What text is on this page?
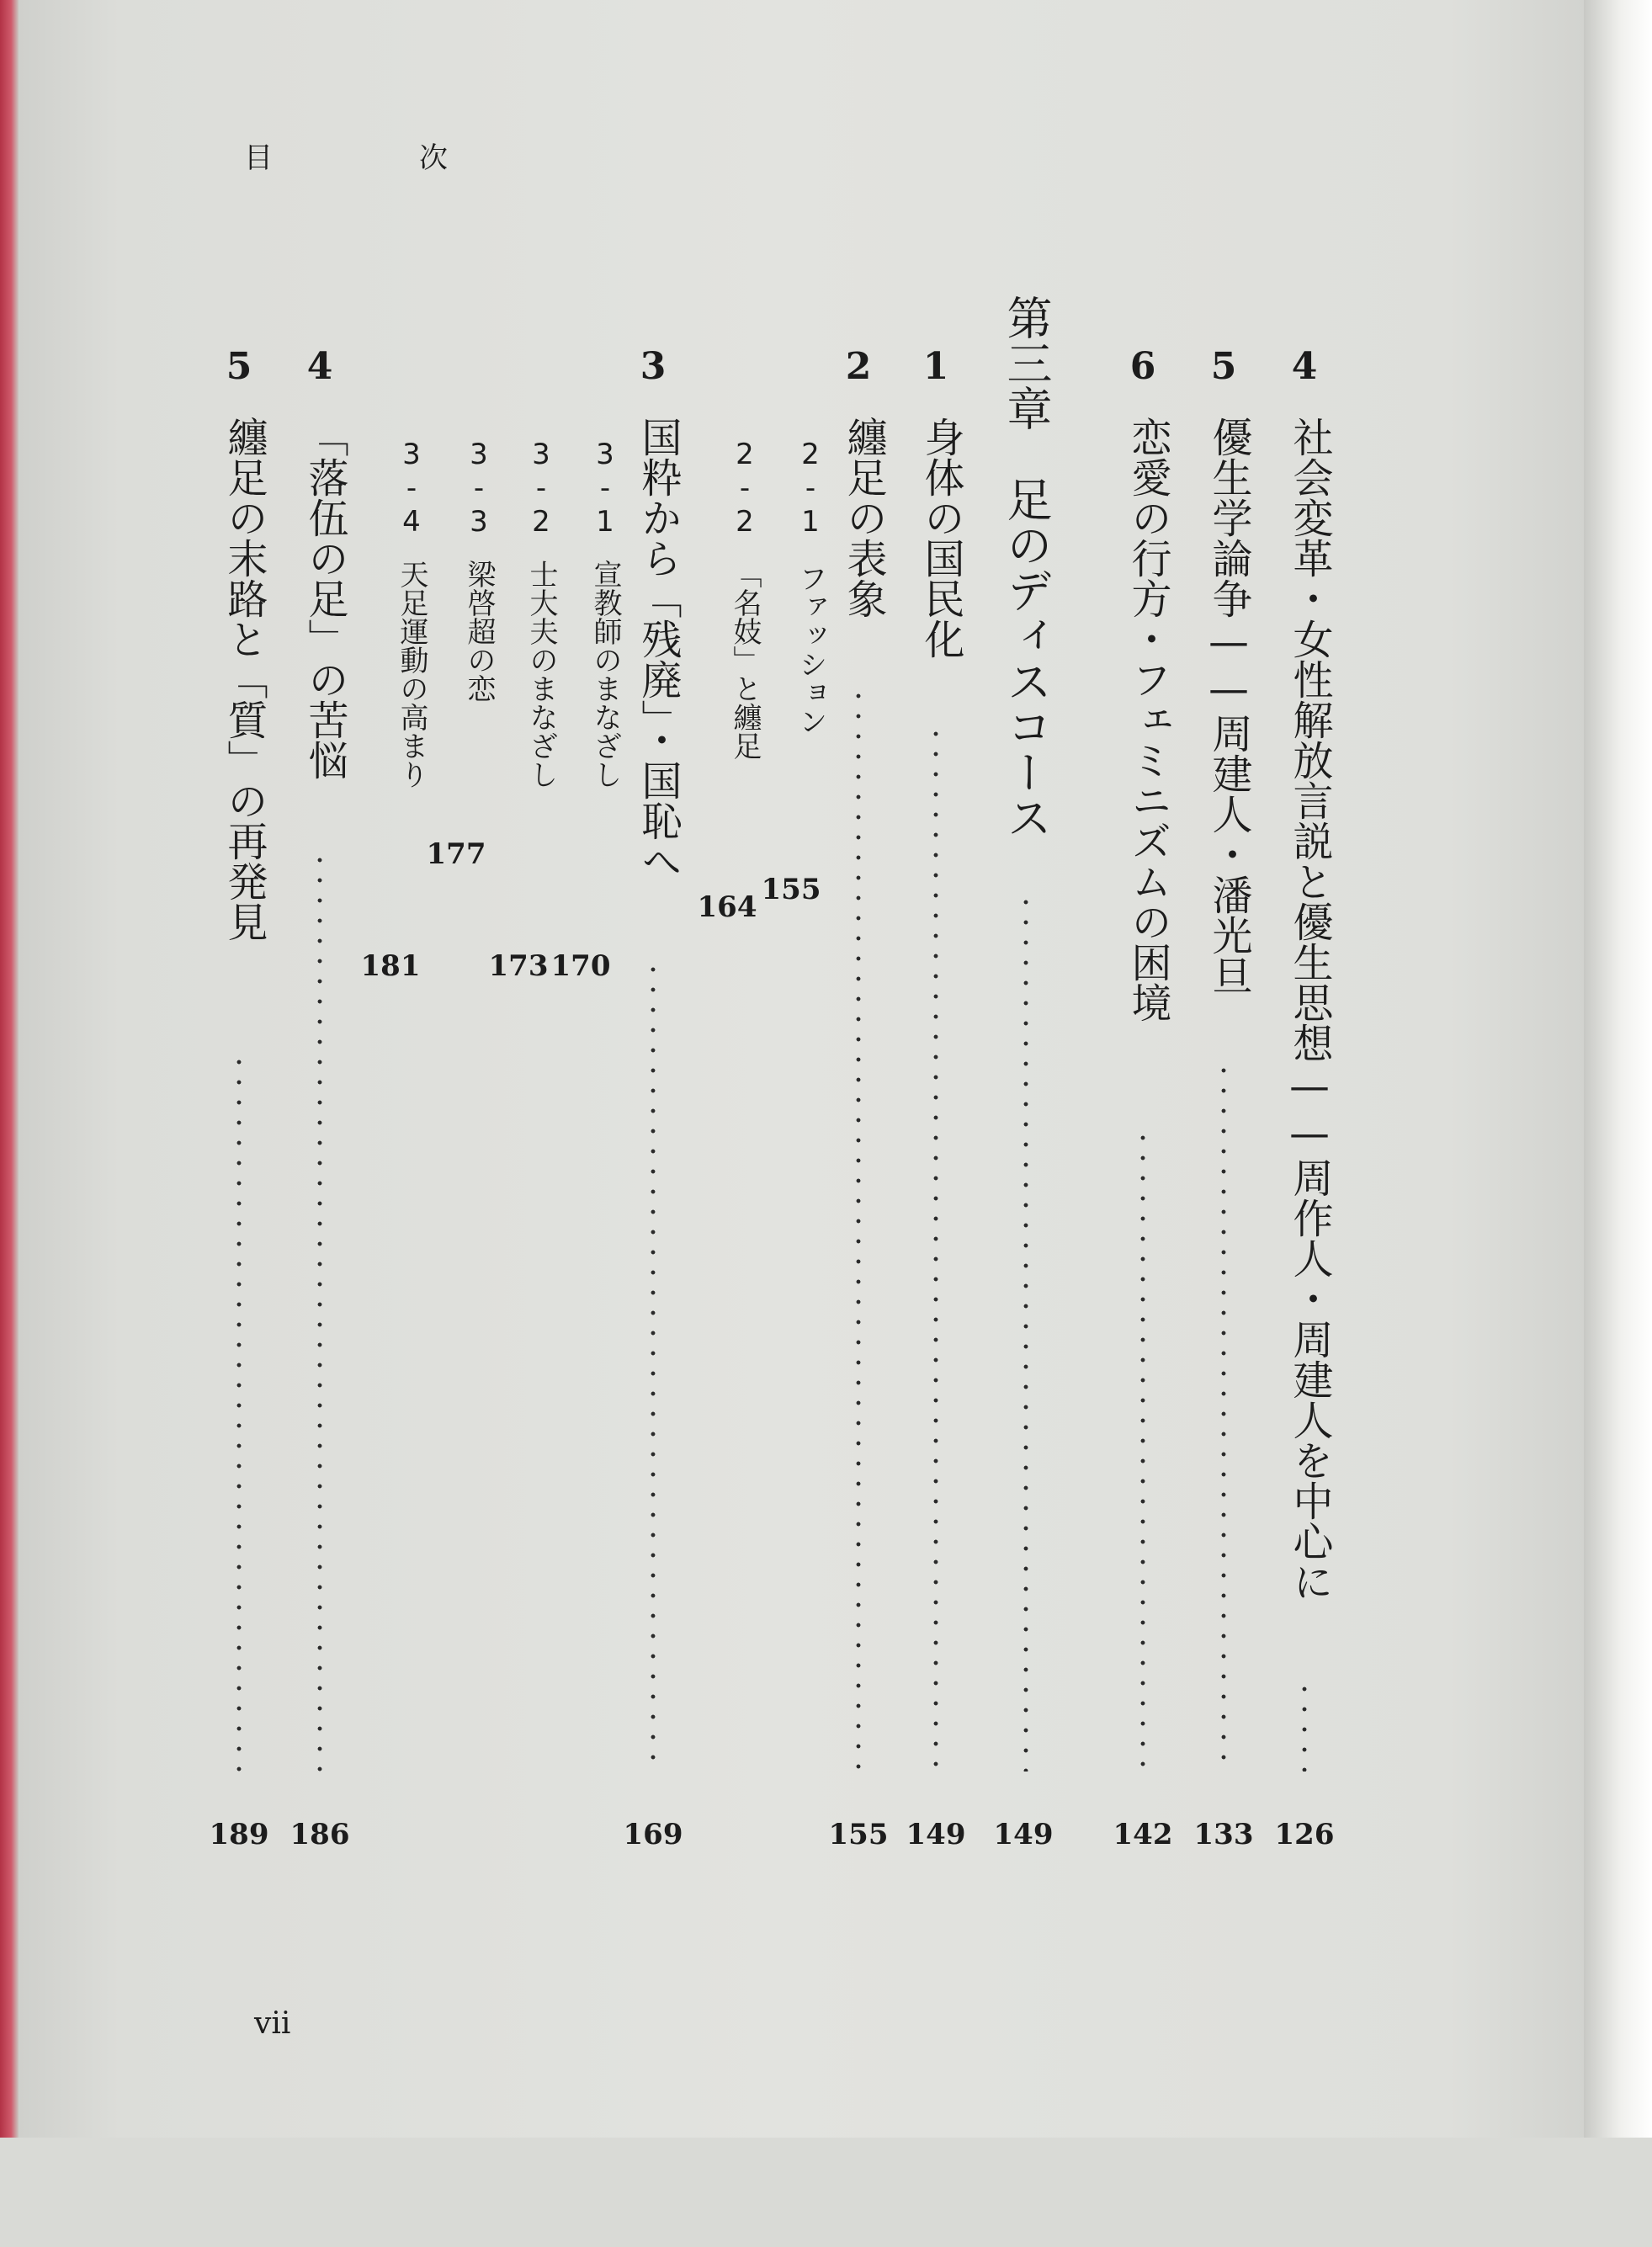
目　次
4
社会変革・女性解放言説と優生思想——周作人・周建人を中心に
126
5
優生学論争——周建人・潘光旦
133
6
恋愛の行方・フェミニズムの困境
142
第三章　足のディスコース
149
1
身体の国民化
149
2
纏足の表象
155
2-1
ファッション
155
2-2
「名妓」と纏足
164
3
国粋から「残廃」・国恥へ
169
3-1
宣教師のまなざし
170
3-2
士大夫のまなざし
173
3-3
梁啓超の恋
177
3-4
天足運動の高まり
181
4
「落伍の足」の苦悩
186
5
纏足の末路と「質」の再発見
189
vii
